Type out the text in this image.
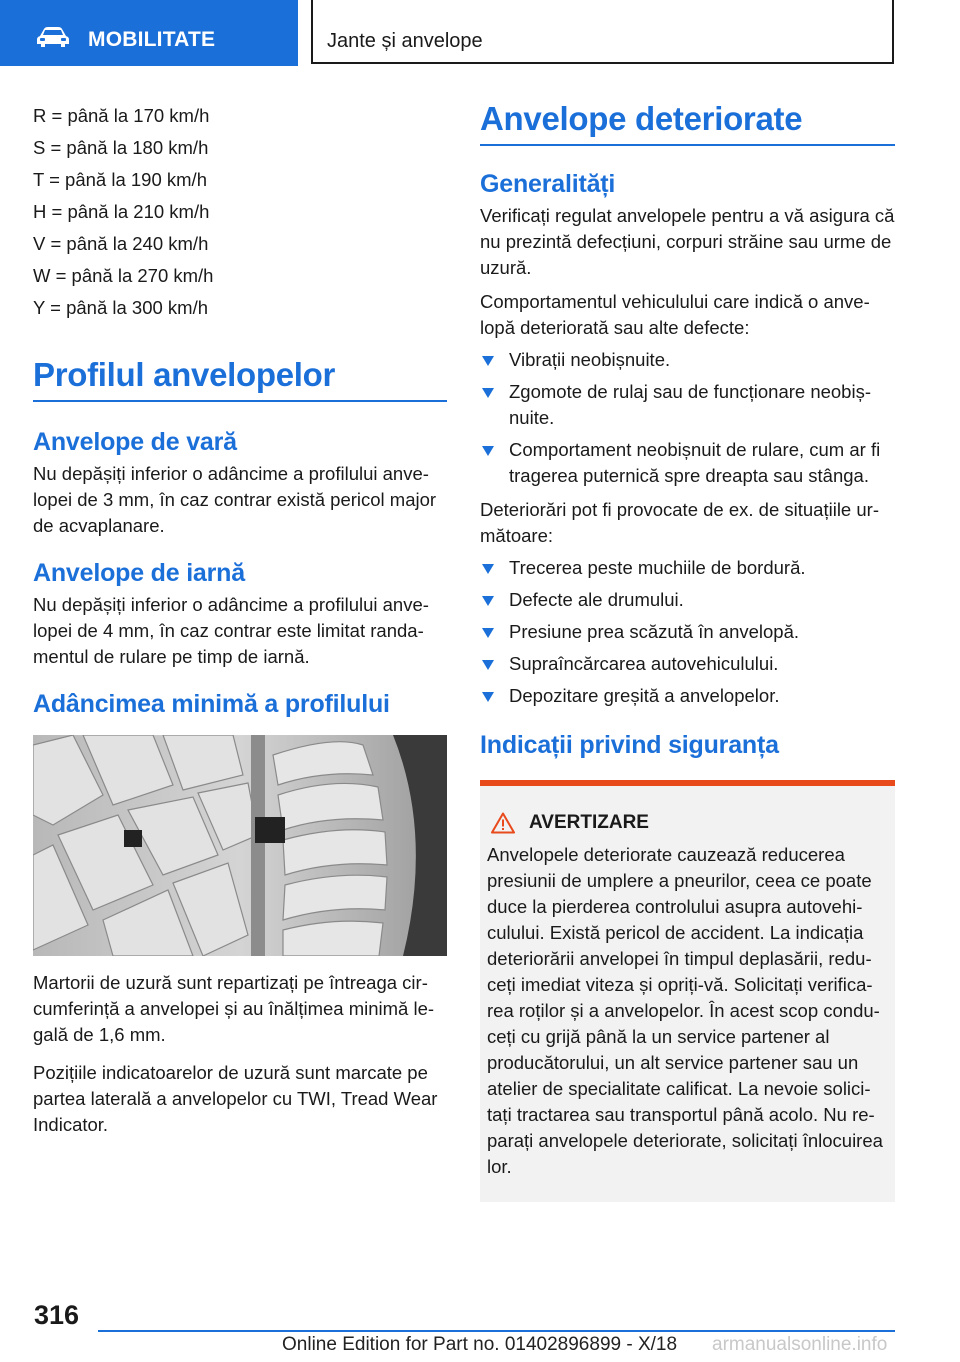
MOBILITATE	Jante și anvelope
R = până la 170 km/h
S = până la 180 km/h
T = până la 190 km/h
H = până la 210 km/h
V = până la 240 km/h
W = până la 270 km/h
Y = până la 300 km/h
Profilul anvelopelor
Anvelope de vară

Nu depășiți inferior o adâncime a profilului anvelopei de 3 mm, în caz contrar există pericol major de acvaplanare.

Anvelope de iarnă

Nu depășiți inferior o adâncime a profilului anvelopei de 4 mm, în caz contrar este limitat randamentul de rulare pe timp de iarnă.

Adâncimea minimă a profilului

Martorii de uzură sunt repartizați pe întreaga circumferință a anvelopei și au înălțimea minimă legală de 1,6 mm.

Pozițiile indicatoarelor de uzură sunt marcate pe partea laterală a anvelopelor cu TWI, Tread Wear Indicator.

Anvelope deteriorate
Generalități

Verificați regulat anvelopele pentru a vă asigura că nu prezintă defecțiuni, corpuri străine sau urme de uzură.

Comportamentul vehiculului care indică o anvelopă deteriorată sau alte defecte:

Vibrații neobișnuite.
Zgomote de rulaj sau de funcționare neobișnuite.
Comportament neobișnuit de rulare, cum ar fi tragerea puternică spre dreapta sau stânga.

Deteriorări pot fi provocate de ex. de situațiile următoare:

Trecerea peste muchiile de bordură.
Defecte ale drumului.
Presiune prea scăzută în anvelopă.
Supraîncărcarea autovehiculului.
Depozitare greșită a anvelopelor.
Indicații privind siguranța
AVERTIZARE

Anvelopele deteriorate cauzează reducerea presiunii de umplere a pneurilor, ceea ce poate duce la pierderea controlului asupra autovehiculului. Există pericol de accident. La indicația deteriorării anvelopei în timpul deplasării, reduceți imediat viteza și opriți-vă. Solicitați verificarea roților și a anvelopelor. În acest scop conduceți cu grijă până la un service partener al producătorului, un alt service partener sau un atelier de specialitate calificat. La nevoie solicitați tractarea sau transportul până acolo. Nu reparați anvelopele deteriorate, solicitați înlocuirea lor.

316
Online Edition for Part no. 01402896899 - X/18 armanualsonline.info
